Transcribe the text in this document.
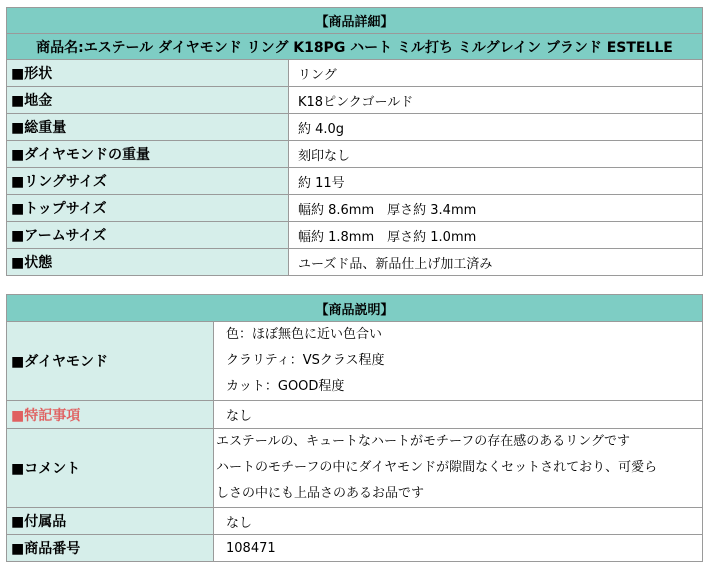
【商品詳細】	
商品名:エステール ダイヤモンド リング K18PG ハート ミル打ち ミルグレイン ブランド ESTELLE	
■形状	リング
■地金	K18ピンクゴールド
■総重量	約 4.0g
■ダイヤモンドの重量	刻印なし
■リングサイズ	約 11号
■トップサイズ	幅約 8.6mm　厚さ約 3.4mm
■アームサイズ	幅約 1.8mm　厚さ約 1.0mm
■状態	ユーズド品、新品仕上げ加工済み
【商品説明】	
■ダイヤモンド	色：ほぼ無色に近い色合い
クラリティ：VSクラス程度
カット：GOOD程度

■特記事項	なし
■コメント	エステールの、キュートなハートがモチーフの存在感のあるリングです
ハートのモチーフの中にダイヤモンドが隙間なくセットされており、可愛ら
しさの中にも上品さのあるお品です

■付属品	なし
■商品番号	108471
